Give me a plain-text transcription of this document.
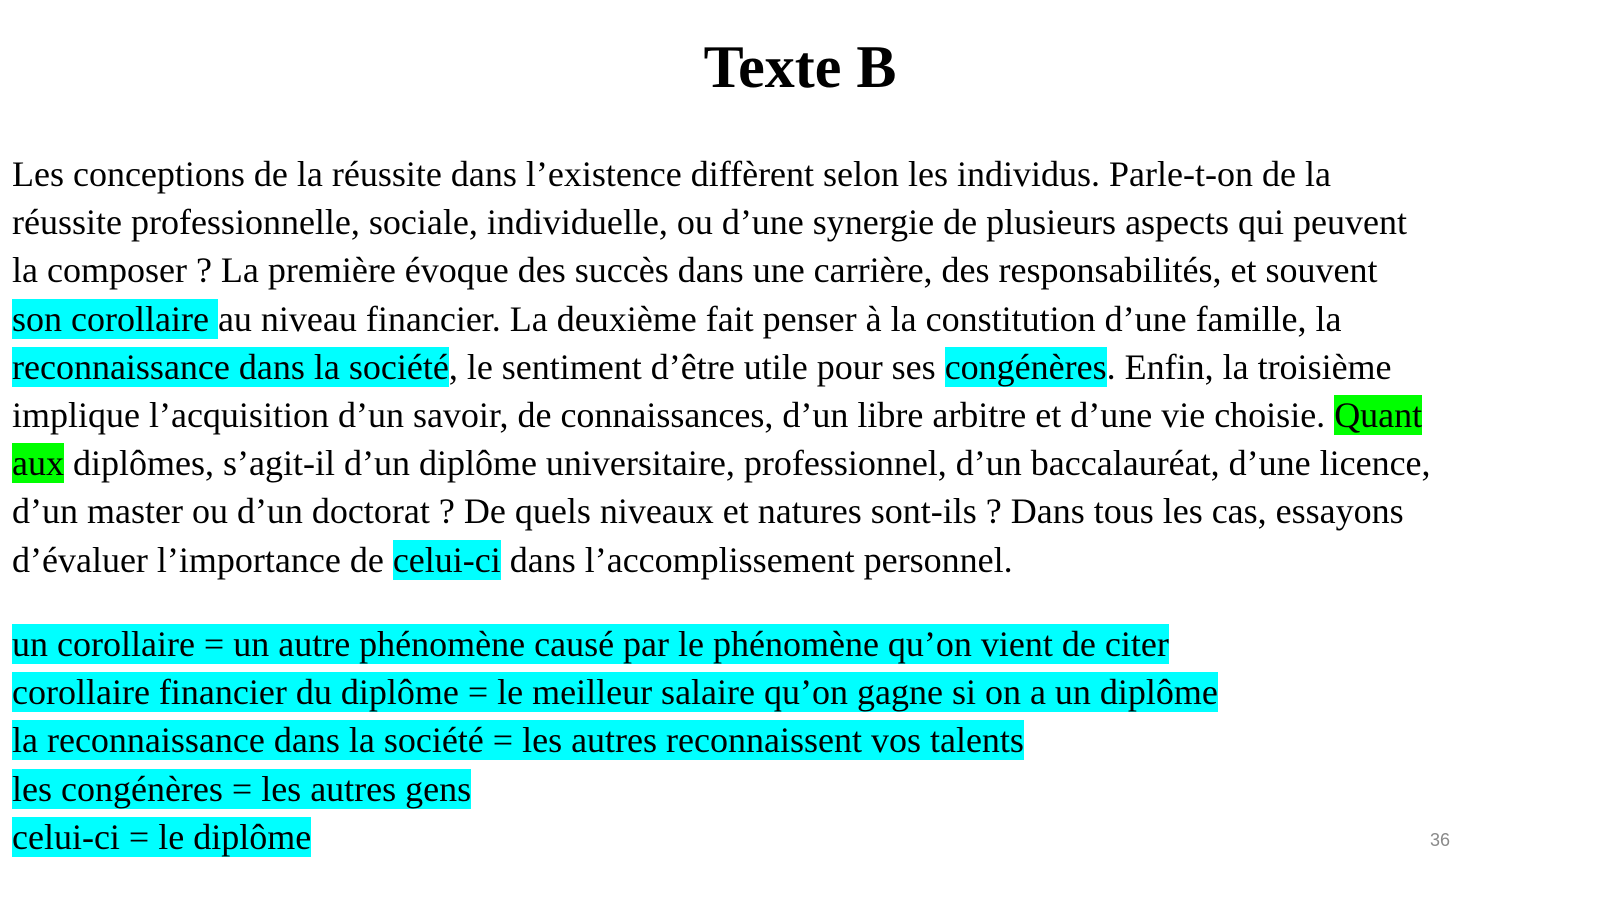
Texte B
Les conceptions de la réussite dans l’existence diffèrent selon les individus. Parle-t-on de la
réussite professionnelle, sociale, individuelle, ou d’une synergie de plusieurs aspects qui peuvent
la composer ? La première évoque des succès dans une carrière, des responsabilités, et souvent
son corollaire au niveau financier. La deuxième fait penser à la constitution d’une famille, la
reconnaissance dans la société, le sentiment d’être utile pour ses congénères. Enfin, la troisième
implique l’acquisition d’un savoir, de connaissances, d’un libre arbitre et d’une vie choisie. Quant
aux diplômes, s’agit-il d’un diplôme universitaire, professionnel, d’un baccalauréat, d’une licence,
d’un master ou d’un doctorat ? De quels niveaux et natures sont-ils ? Dans tous les cas, essayons
d’évaluer l’importance de celui-ci dans l’accomplissement personnel.
un corollaire = un autre phénomène causé par le phénomène qu’on vient de citer
corollaire financier du diplôme = le meilleur salaire qu’on gagne si on a un diplôme
la reconnaissance dans la société = les autres reconnaissent vos talents
les congénères = les autres gens
celui-ci = le diplôme	36
